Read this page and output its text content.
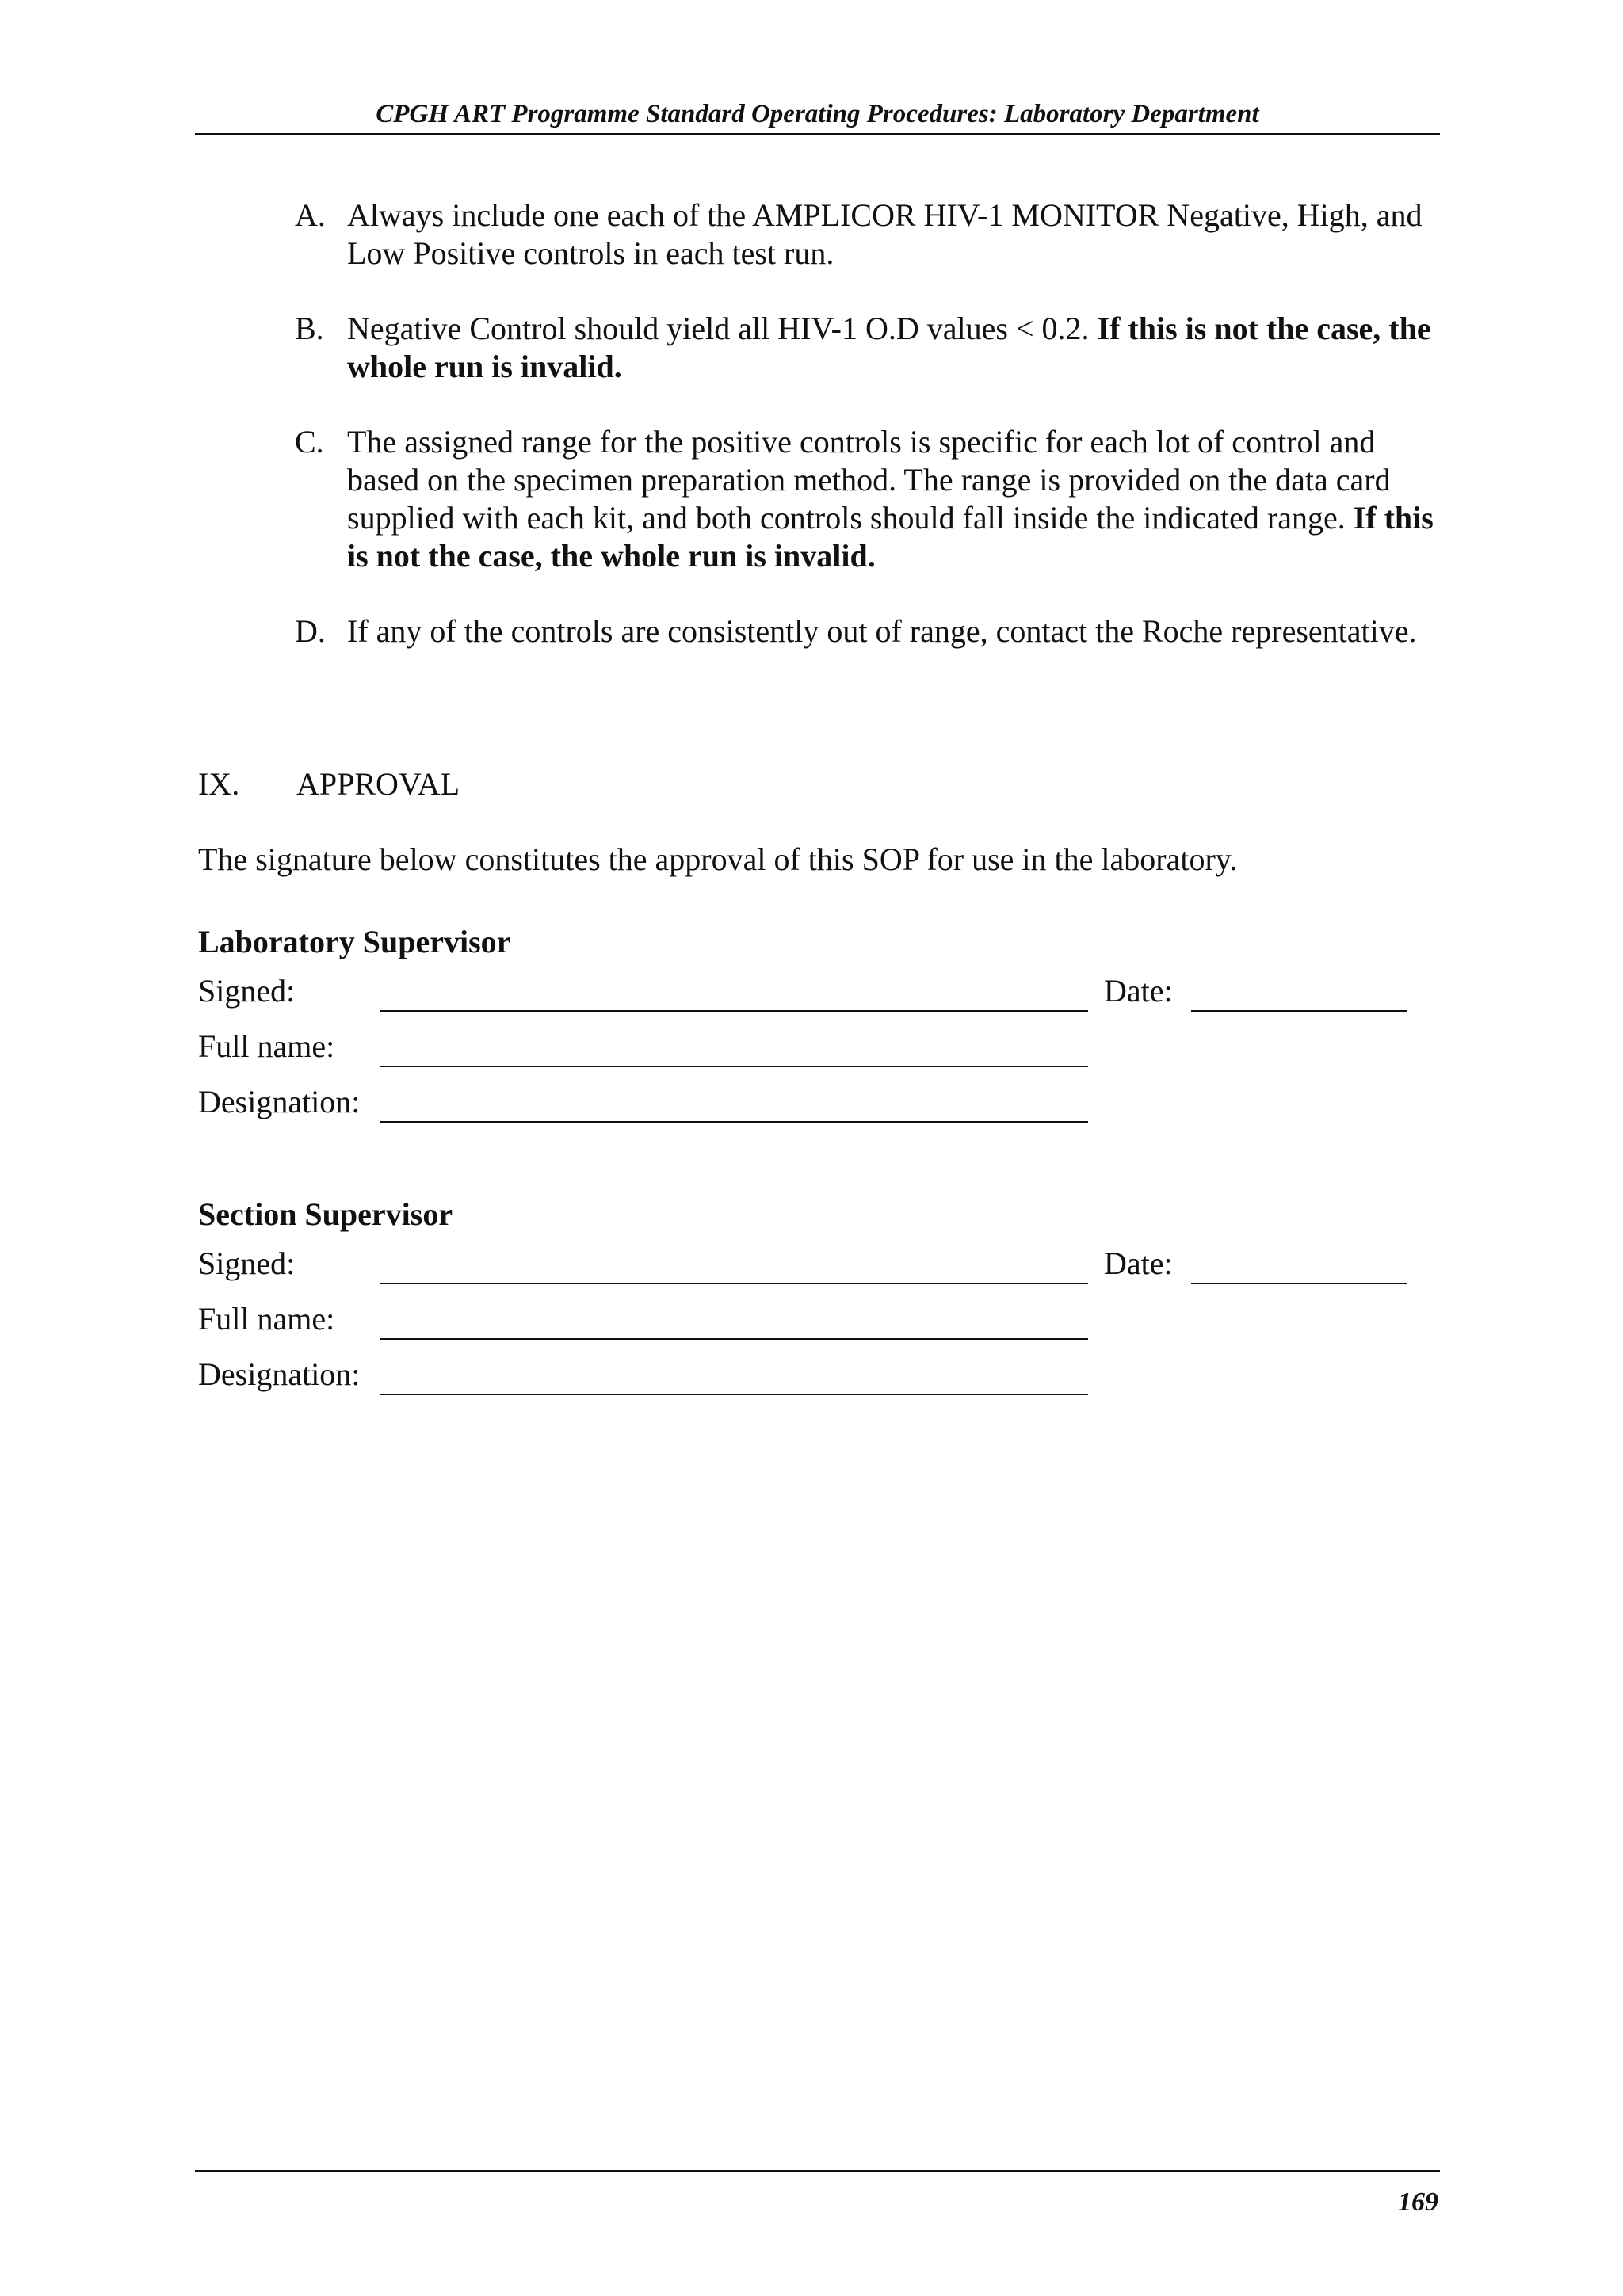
CPGH ART Programme Standard Operating Procedures: Laboratory Department
A. Always include one each of the AMPLICOR HIV-1 MONITOR Negative, High, and Low Positive controls in each test run.
B. Negative Control should yield all HIV-1 O.D values < 0.2. If this is not the case, the whole run is invalid.
C. The assigned range for the positive controls is specific for each lot of control and based on the specimen preparation method. The range is provided on the data card supplied with each kit, and both controls should fall inside the indicated range. If this is not the case, the whole run is invalid.
D. If any of the controls are consistently out of range, contact the Roche representative.
IX. APPROVAL
The signature below constitutes the approval of this SOP for use in the laboratory.
Laboratory Supervisor
Signed:	Date:
Full name:
Designation:
Section Supervisor
Signed:	Date:
Full name:
Designation:
169
